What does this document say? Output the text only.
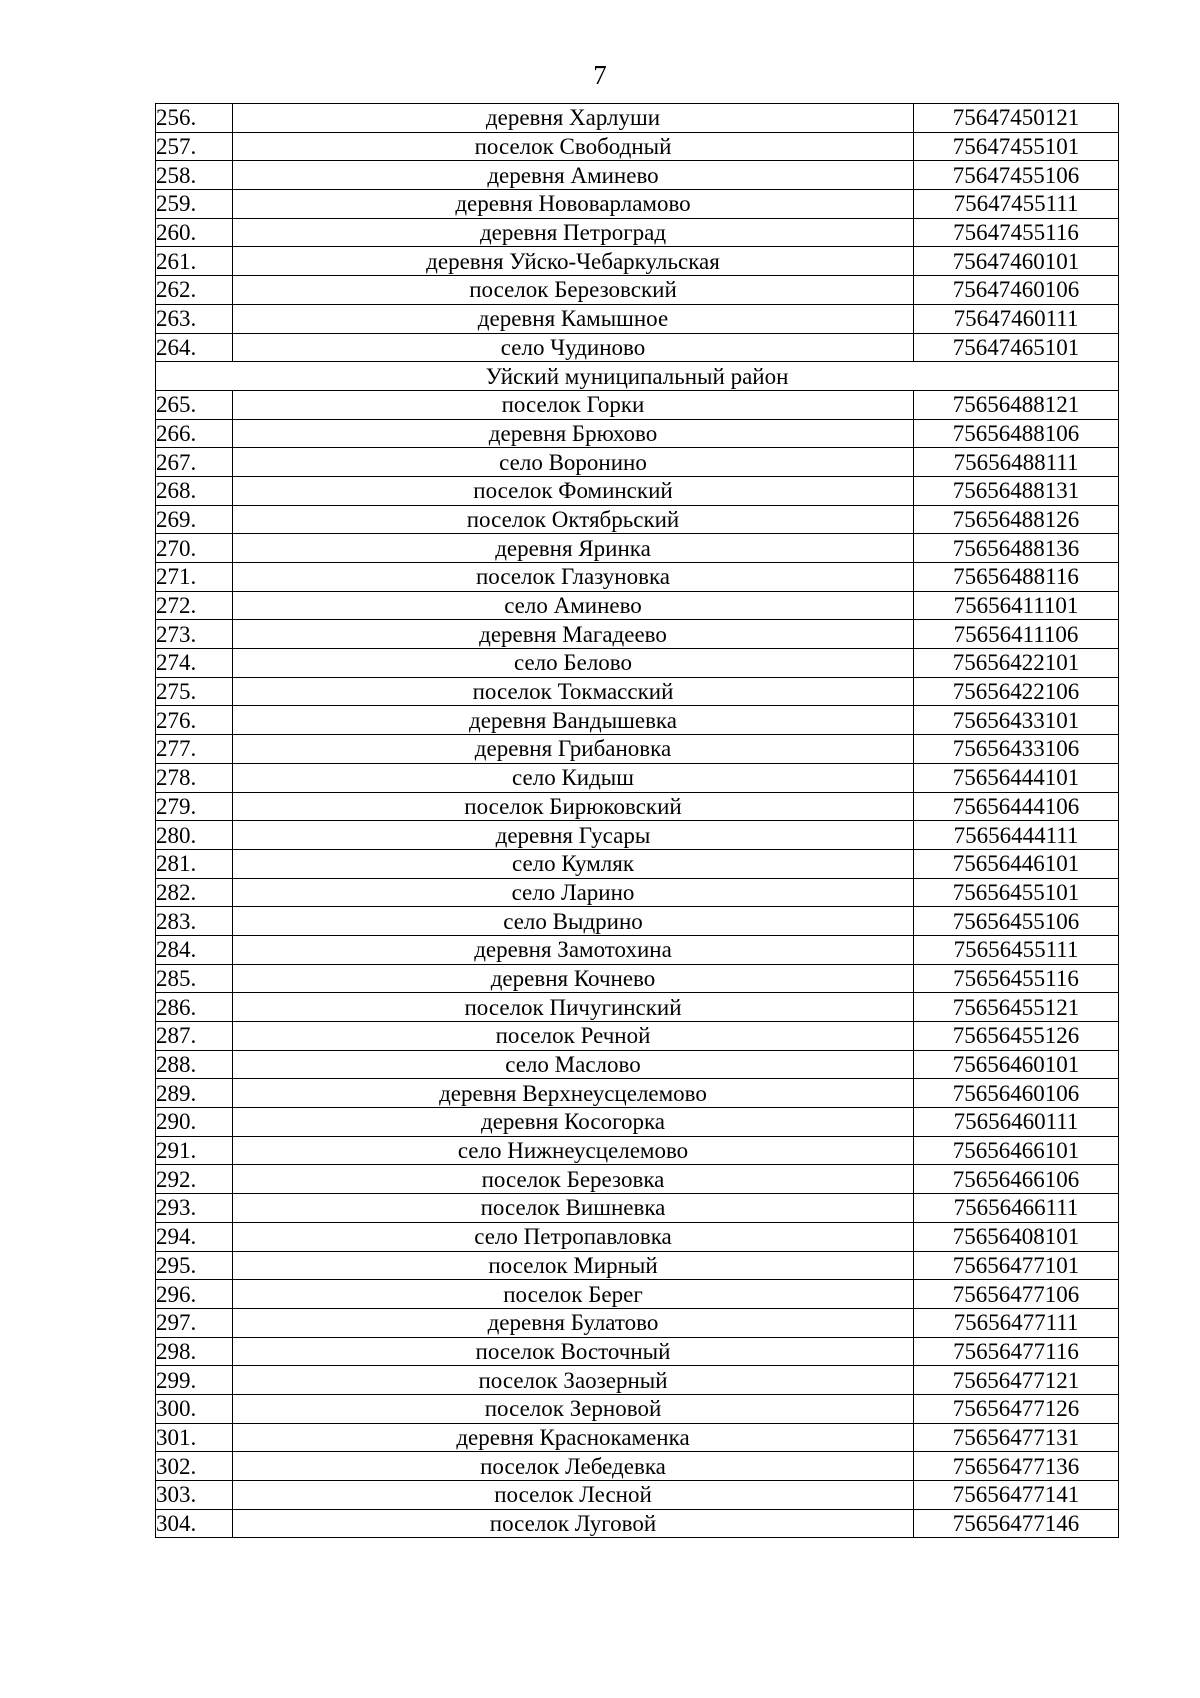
7
256.	деревня Харлуши	75647450121
257.	поселок Свободный	75647455101
258.	деревня Аминево	75647455106
259.	деревня Нововарламово	75647455111
260.	деревня Петроград	75647455116
261.	деревня Уйско-Чебаркульская	75647460101
262.	поселок Березовский	75647460106
263.	деревня Камышное	75647460111
264.	село Чудиново	75647465101
Уйский муниципальный район		
265.	поселок Горки	75656488121
266.	деревня Брюхово	75656488106
267.	село Воронино	75656488111
268.	поселок Фоминский	75656488131
269.	поселок Октябрьский	75656488126
270.	деревня Яринка	75656488136
271.	поселок Глазуновка	75656488116
272.	село Аминево	75656411101
273.	деревня Магадеево	75656411106
274.	село Белово	75656422101
275.	поселок Токмасский	75656422106
276.	деревня Вандышевка	75656433101
277.	деревня Грибановка	75656433106
278.	село Кидыш	75656444101
279.	поселок Бирюковский	75656444106
280.	деревня Гусары	75656444111
281.	село Кумляк	75656446101
282.	село Ларино	75656455101
283.	село Выдрино	75656455106
284.	деревня Замотохина	75656455111
285.	деревня Кочнево	75656455116
286.	поселок Пичугинский	75656455121
287.	поселок Речной	75656455126
288.	село Маслово	75656460101
289.	деревня Верхнеусцелемово	75656460106
290.	деревня Косогорка	75656460111
291.	село Нижнеусцелемово	75656466101
292.	поселок Березовка	75656466106
293.	поселок Вишневка	75656466111
294.	село Петропавловка	75656408101
295.	поселок Мирный	75656477101
296.	поселок Берег	75656477106
297.	деревня Булатово	75656477111
298.	поселок Восточный	75656477116
299.	поселок Заозерный	75656477121
300.	поселок Зерновой	75656477126
301.	деревня Краснокаменка	75656477131
302.	поселок Лебедевка	75656477136
303.	поселок Лесной	75656477141
304.	поселок Луговой	75656477146
